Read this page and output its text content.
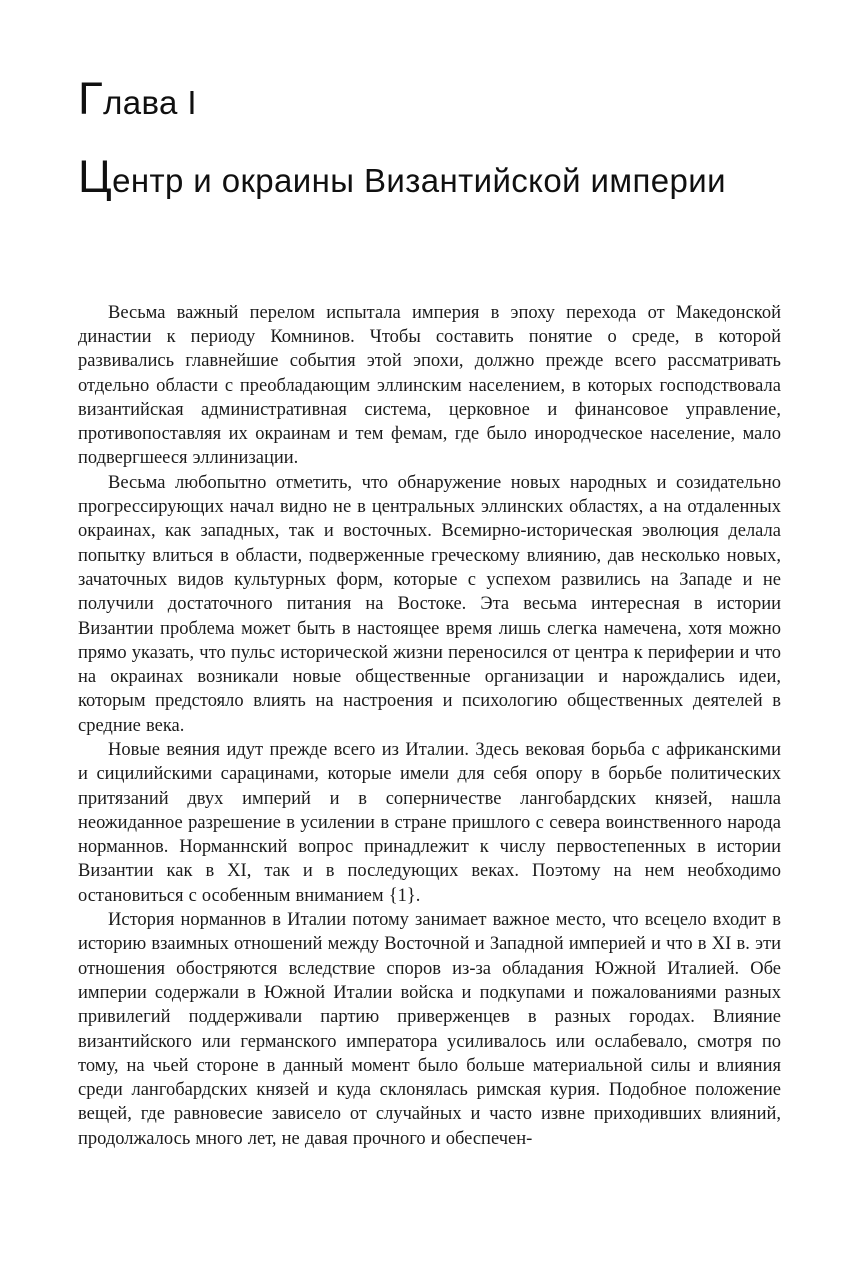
Глава I
Центр и окраины Византийской империи

Весьма важный перелом испытала империя в эпоху перехода от Македонской династии к периоду Комнинов. Чтобы составить понятие о среде, в которой развивались главнейшие события этой эпохи, должно прежде всего рассматривать отдельно области с преобладающим эллинским населением, в которых господствовала византийская административная система, церковное и финансовое управление, противопоставляя их окраинам и тем фемам, где было инородческое население, мало подвергшееся эллинизации.

Весьма любопытно отметить, что обнаружение новых народных и созидательно прогрессирующих начал видно не в центральных эллинских областях, а на отдаленных окраинах, как западных, так и восточных. Всемирно-историческая эволюция делала попытку влиться в области, подверженные греческому влиянию, дав несколько новых, зачаточных видов культурных форм, которые с успехом развились на Западе и не получили достаточного питания на Востоке. Эта весьма интересная в истории Византии проблема может быть в настоящее время лишь слегка намечена, хотя можно прямо указать, что пульс исторической жизни переносился от центра к периферии и что на окраинах возникали новые общественные организации и нарождались идеи, которым предстояло влиять на настроения и психологию общественных деятелей в средние века.

Новые веяния идут прежде всего из Италии. Здесь вековая борьба с африканскими и сицилийскими сарацинами, которые имели для себя опору в борьбе политических притязаний двух империй и в соперничестве лангобардских князей, нашла неожиданное разрешение в усилении в стране пришлого с севера воинственного народа норманнов. Норманнский вопрос принадлежит к числу первостепенных в истории Византии как в XI, так и в последующих веках. Поэтому на нем необходимо остановиться с особенным вниманием {1}.

История норманнов в Италии потому занимает важное место, что всецело входит в историю взаимных отношений между Восточной и Западной империей и что в XI в. эти отношения обостряются вследствие споров из-за обладания Южной Италией. Обе империи содержали в Южной Италии войска и подкупами и пожалованиями разных привилегий поддерживали партию приверженцев в разных городах. Влияние византийского или германского императора усиливалось или ослабевало, смотря по тому, на чьей стороне в данный момент было больше материальной силы и влияния среди лангобардских князей и куда склонялась римская курия. Подобное положение вещей, где равновесие зависело от случайных и часто извне приходивших влияний, продолжалось много лет, не давая прочного и обеспечен-
